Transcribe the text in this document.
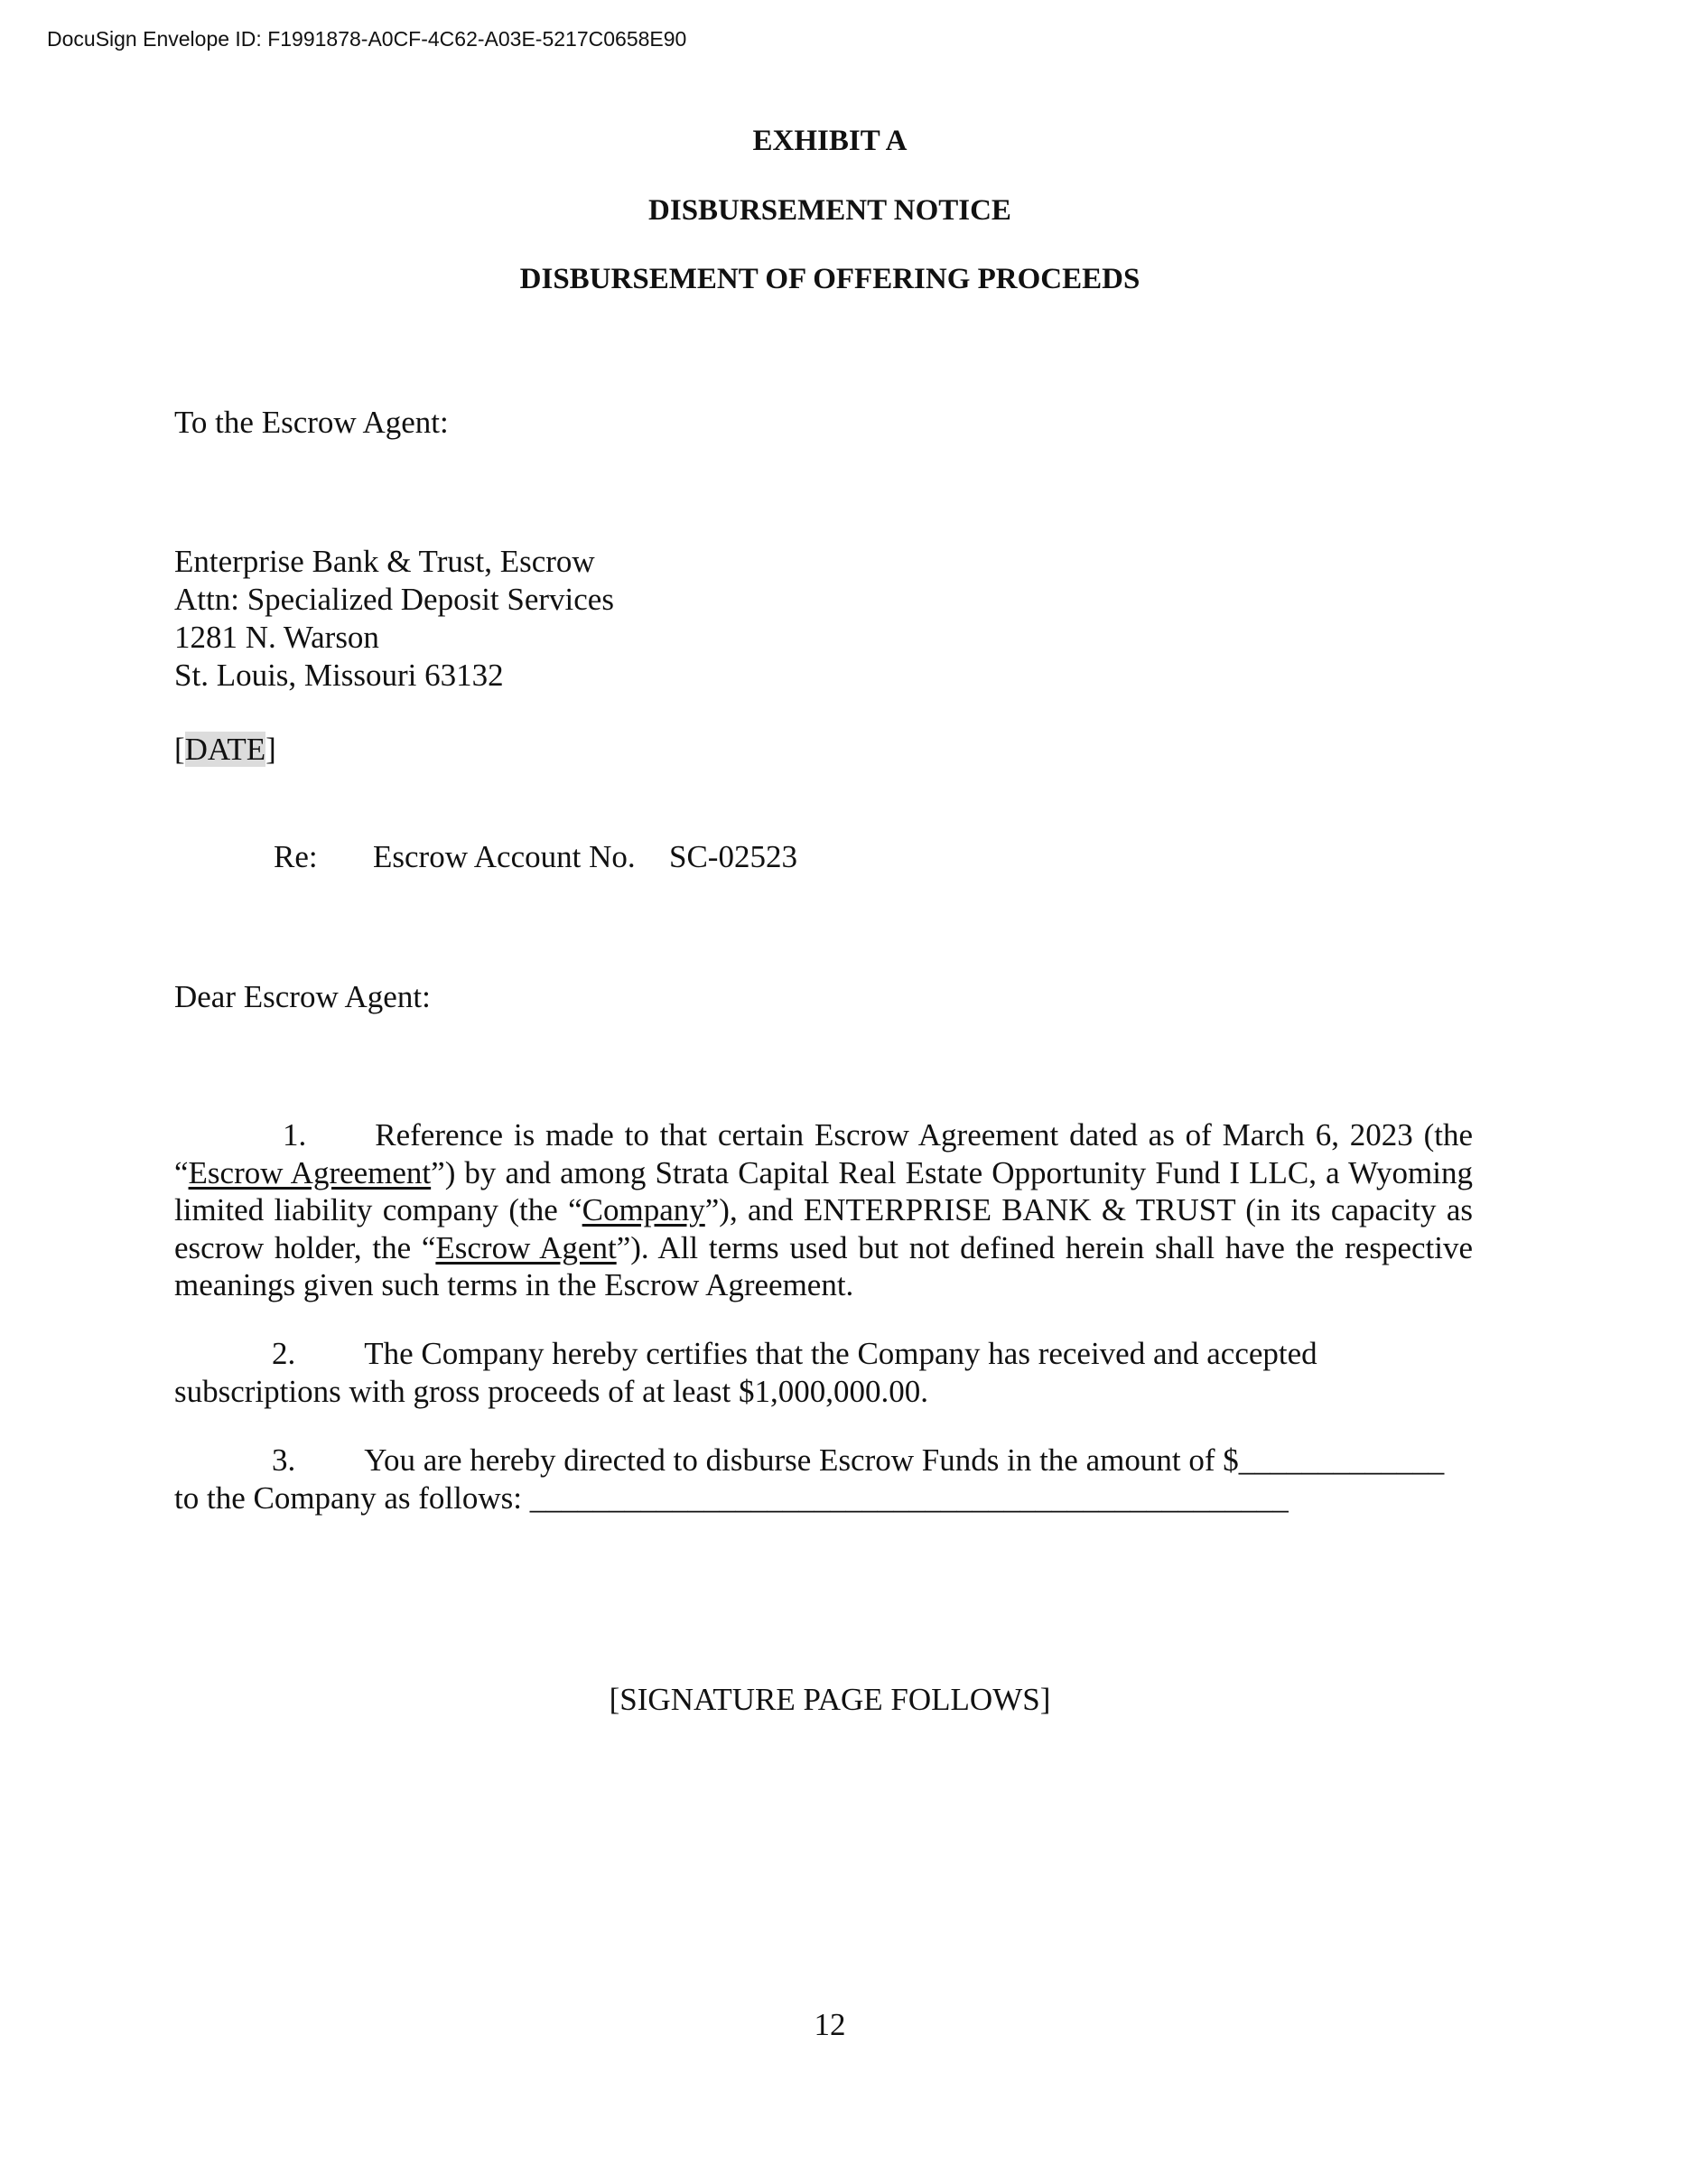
DocuSign Envelope ID: F1991878-A0CF-4C62-A03E-5217C0658E90
EXHIBIT A
DISBURSEMENT NOTICE
DISBURSEMENT OF OFFERING PROCEEDS
To the Escrow Agent:
Enterprise Bank & Trust, Escrow
Attn: Specialized Deposit Services
1281 N. Warson
St. Louis, Missouri 63132
[DATE]
Re: Escrow Account No. SC-02523
Dear Escrow Agent:
1. Reference is made to that certain Escrow Agreement dated as of March 6, 2023 (the
“Escrow Agreement”) by and among Strata Capital Real Estate Opportunity Fund I LLC, a Wyoming
limited liability company (the “Company”), and ENTERPRISE BANK & TRUST (in its capacity as
escrow holder, the “Escrow Agent”). All terms used but not defined herein shall have the respective
meanings given such terms in the Escrow Agreement.
2. The Company hereby certifies that the Company has received and accepted
subscriptions with gross proceeds of at least $1,000,000.00.
3. You are hereby directed to disburse Escrow Funds in the amount of $_____________
to the Company as follows: ________________________________________________
[SIGNATURE PAGE FOLLOWS]
12
